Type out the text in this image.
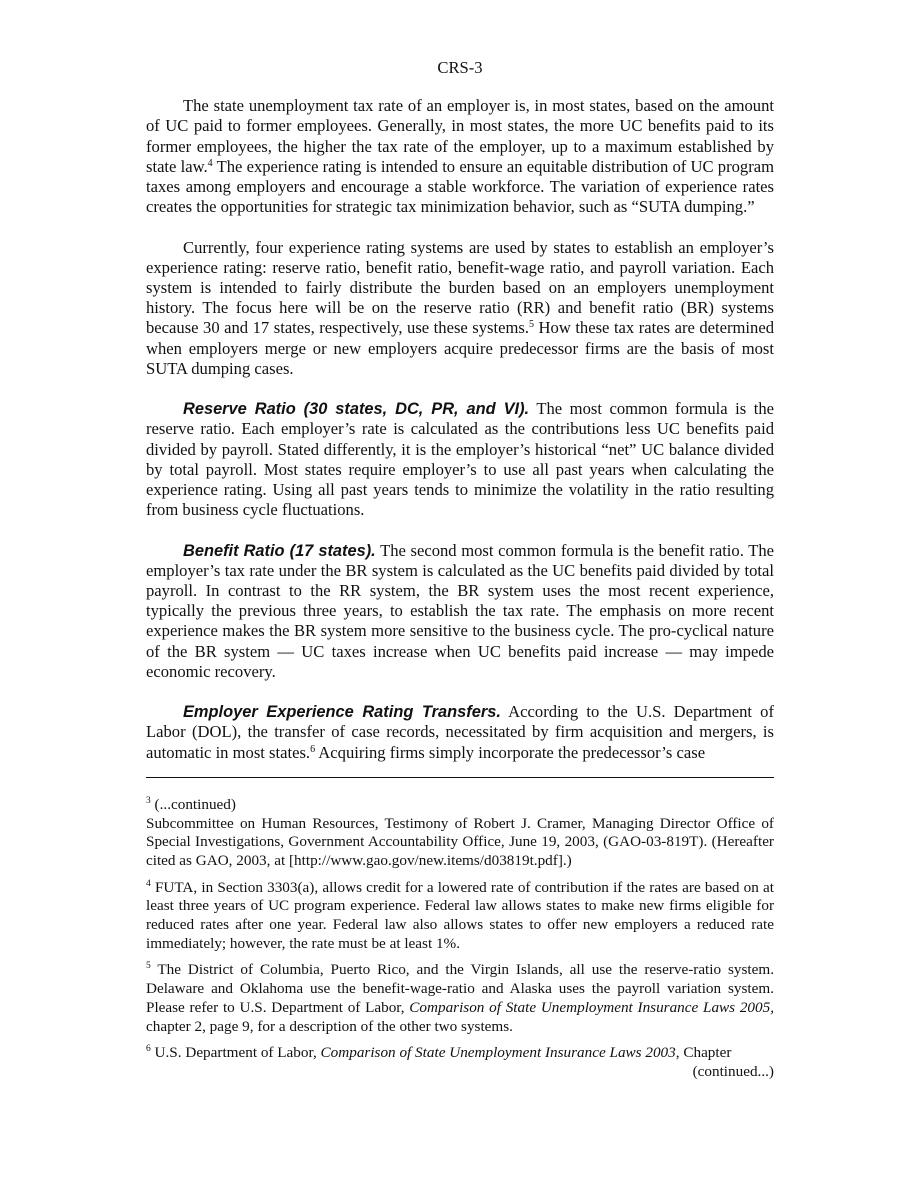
CRS-3

The state unemployment tax rate of an employer is, in most states, based on the amount of UC paid to former employees. Generally, in most states, the more UC benefits paid to its former employees, the higher the tax rate of the employer, up to a maximum established by state law.$^4$ The experience rating is intended to ensure an equitable distribution of UC program taxes among employers and encourage a stable workforce. The variation of experience rates creates the opportunities for strategic tax minimization behavior, such as “SUTA dumping.”

Currently, four experience rating systems are used by states to establish an employer’s experience rating: reserve ratio, benefit ratio, benefit-wage ratio, and payroll variation. Each system is intended to fairly distribute the burden based on an employers unemployment history. The focus here will be on the reserve ratio (RR) and benefit ratio (BR) systems because 30 and 17 states, respectively, use these systems.$^5$ How these tax rates are determined when employers merge or new employers acquire predecessor firms are the basis of most SUTA dumping cases.

Reserve Ratio (30 states, DC, PR, and VI). The most common formula is the reserve ratio. Each employer’s rate is calculated as the contributions less UC benefits paid divided by payroll. Stated differently, it is the employer’s historical “net” UC balance divided by total payroll. Most states require employer’s to use all past years when calculating the experience rating. Using all past years tends to minimize the volatility in the ratio resulting from business cycle fluctuations.

Benefit Ratio (17 states). The second most common formula is the benefit ratio. The employer’s tax rate under the BR system is calculated as the UC benefits paid divided by total payroll. In contrast to the RR system, the BR system uses the most recent experience, typically the previous three years, to establish the tax rate. The emphasis on more recent experience makes the BR system more sensitive to the business cycle. The pro-cyclical nature of the BR system — UC taxes increase when UC benefits paid increase — may impede economic recovery.

Employer Experience Rating Transfers. According to the U.S. Department of Labor (DOL), the transfer of case records, necessitated by firm acquisition and mergers, is automatic in most states.$^6$ Acquiring firms simply incorporate the predecessor’s case

$^3$ (...continued)
Subcommittee on Human Resources, Testimony of Robert J. Cramer, Managing Director Office of Special Investigations, Government Accountability Office, June 19, 2003, (GAO-03-819T). (Hereafter cited as GAO, 2003, at [http://www.gao.gov/new.items/d03819t.pdf].)
$^4$ FUTA, in Section 3303(a), allows credit for a lowered rate of contribution if the rates are based on at least three years of UC program experience. Federal law allows states to make new firms eligible for reduced rates after one year. Federal law also allows states to offer new employers a reduced rate immediately; however, the rate must be at least 1%.
$^5$ The District of Columbia, Puerto Rico, and the Virgin Islands, all use the reserve-ratio system. Delaware and Oklahoma use the benefit-wage-ratio and Alaska uses the payroll variation system. Please refer to U.S. Department of Labor, Comparison of State Unemployment Insurance Laws 2005, chapter 2, page 9, for a description of the other two systems.
$^6$ U.S. Department of Labor, Comparison of State Unemployment Insurance Laws 2003, Chapter
(continued...)
